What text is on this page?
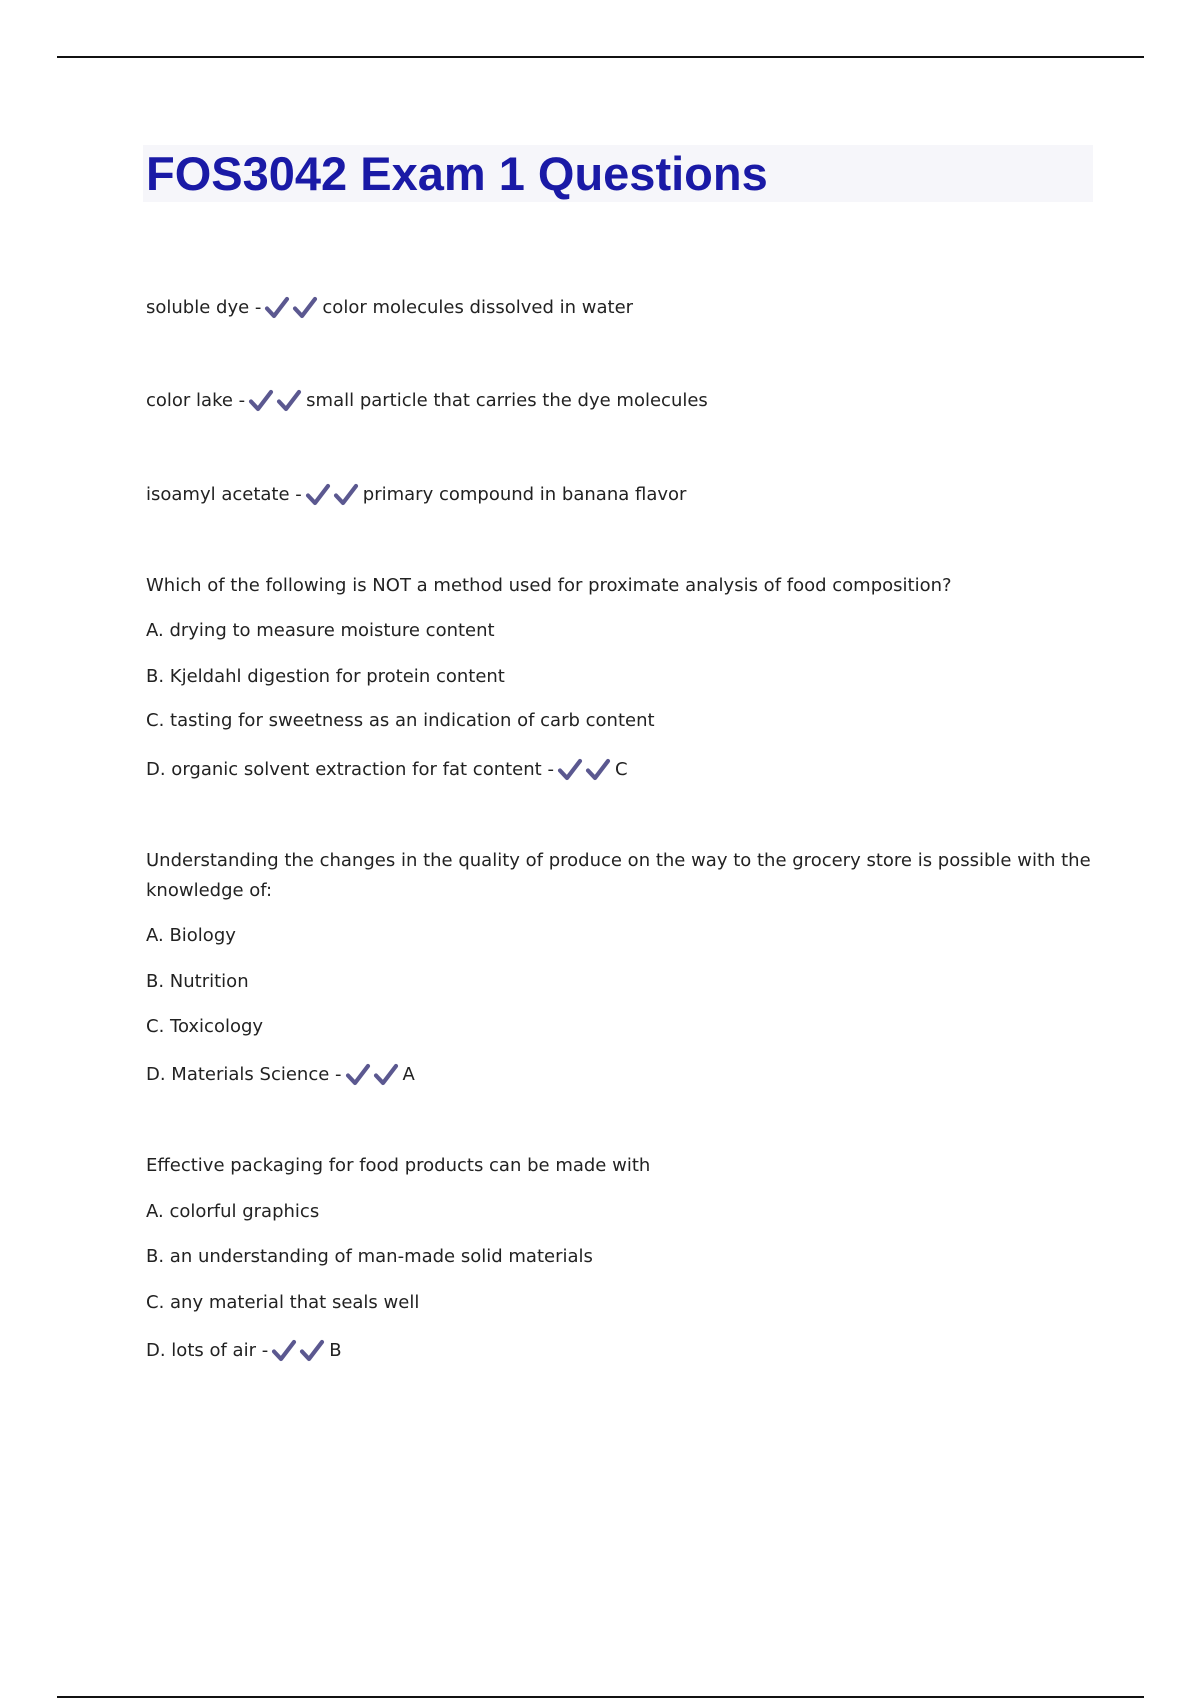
FOS3042 Exam 1 Questions
soluble dye -	color molecules dissolved in water
color lake -	small particle that carries the dye molecules
isoamyl acetate -	primary compound in banana flavor
Which of the following is NOT a method used for proximate analysis of food composition?
A. drying to measure moisture content
B. Kjeldahl digestion for protein content
C. tasting for sweetness as an indication of carb content
D. organic solvent extraction for fat content -	C
Understanding the changes in the quality of produce on the way to the grocery store is possible with the knowledge of:
A. Biology
B. Nutrition
C. Toxicology
D. Materials Science -	A
Effective packaging for food products can be made with
A. colorful graphics
B. an understanding of man-made solid materials
C. any material that seals well
D. lots of air -	B
